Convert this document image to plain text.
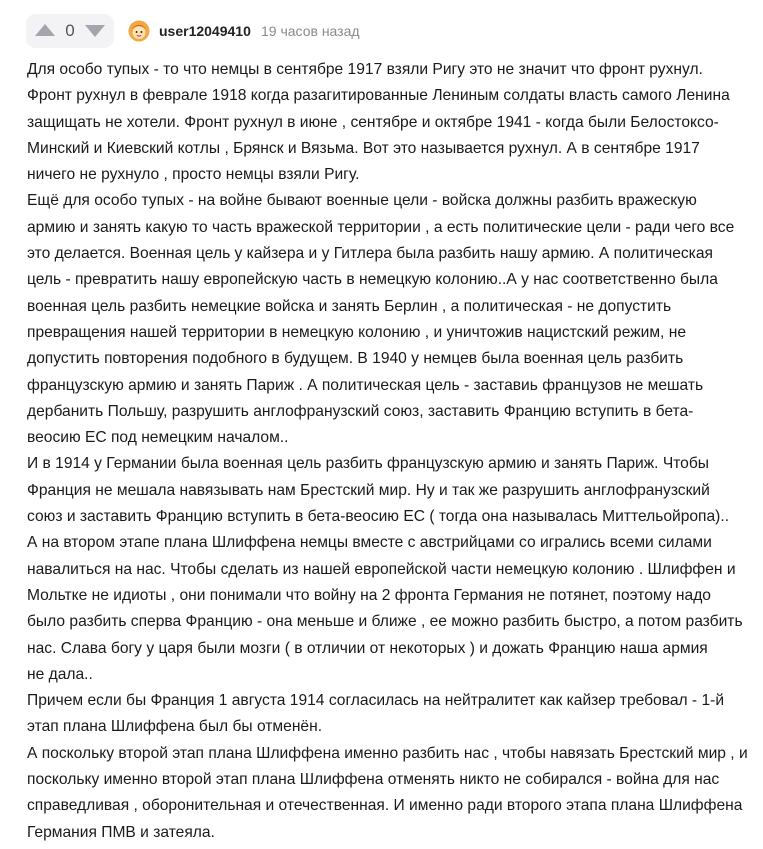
0	user12049410 19 часов назад
Для особо тупых - то что немцы в сентябре 1917 взяли Ригу это не значит что фронт рухнул.
Фронт рухнул в феврале 1918 когда разагитированные Лениным солдаты власть самого Ленина
защищать не хотели. Фронт рухнул в июне , сентябре и октябре 1941 - когда были Белостоксо-
Минский и Киевский котлы , Брянск и Вязьма. Вот это называется рухнул. А в сентябре 1917
ничего не рухнуло , просто немцы взяли Ригу.
Ещё для особо тупых - на войне бывают военные цели - войска должны разбить вражескую
армию и занять какую то часть вражеской территории , а есть политические цели - ради чего все
это делается. Военная цель у кайзера и у Гитлера была разбить нашу армию. А политическая
цель - превратить нашу европейскую часть в немецкую колонию..А у нас соответственно была
военная цель разбить немецкие войска и занять Берлин , а политическая - не допустить
превращения нашей территории в немецкую колонию , и уничтожив нацистский режим, не
допустить повторения подобного в будущем. В 1940 у немцев была военная цель разбить
французскую армию и занять Париж . А политическая цель - заставиь французов не мешать
дербанить Польшу, разрушить англофранузский союз, заставить Францию вступить в бета-
веосию ЕС под немецким началом..
И в 1914 у Германии была военная цель разбить французскую армию и занять Париж. Чтобы
Франция не мешала навязывать нам Брестский мир. Ну и так же разрушить англофранузский
союз и заставить Францию вступить в бета-веосию ЕС ( тогда она называлась Миттельойропа)..
А на втором этапе плана Шлиффена немцы вместе с австрийцами со игрались всеми силами
навалиться на нас. Чтобы сделать из нашей европейской части немецкую колонию . Шлиффен и
Мольтке не идиоты , они понимали что войну на 2 фронта Германия не потянет, поэтому надо
было разбить сперва Францию - она меньше и ближе , ее можно разбить быстро, а потом разбить
нас. Слава богу у царя были мозги ( в отличии от некоторых ) и дожать Францию наша армия
не дала..
Причем если бы Франция 1 августа 1914 согласилась на нейтралитет как кайзер требовал - 1-й
этап плана Шлиффена был бы отменён.
А поскольку второй этап плана Шлиффена именно разбить нас , чтобы навязать Брестский мир , и
поскольку именно второй этап плана Шлиффена отменять никто не собирался - война для нас
справедливая , оборонительная и отечественная. И именно ради второго этапа плана Шлиффена
Германия ПМВ и затеяла.
